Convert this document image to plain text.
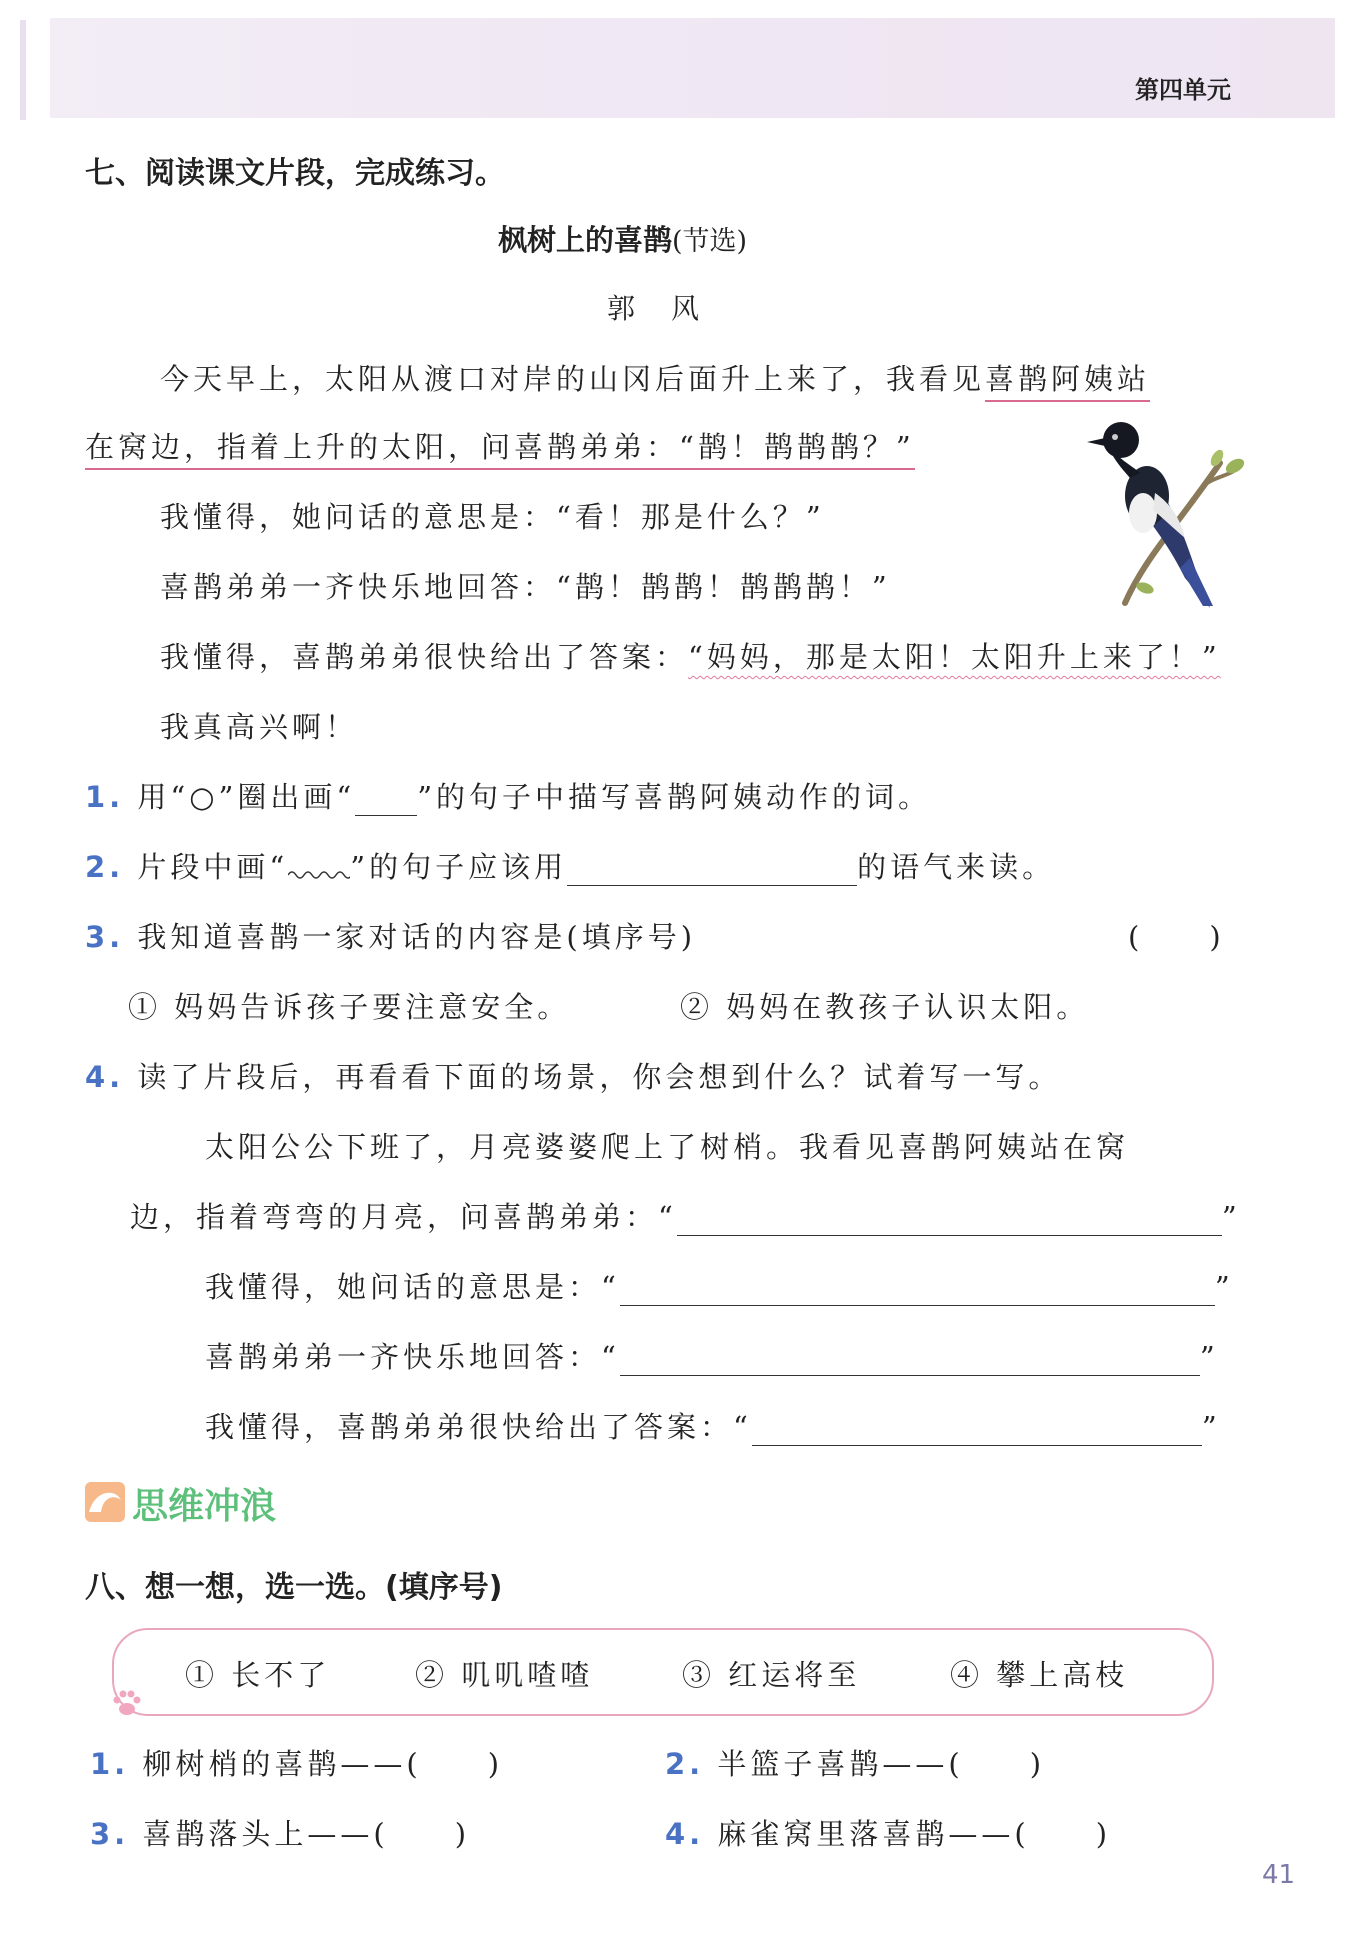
第四单元
七、阅读课文片段，完成练习。
枫树上的喜鹊(节选)
郭　风
今天早上，太阳从渡口对岸的山冈后面升上来了，我看见喜鹊阿姨站
在窝边，指着上升的太阳，问喜鹊弟弟：“鹊！鹊鹊鹊？”
我懂得，她问话的意思是：“看！那是什么？”
喜鹊弟弟一齐快乐地回答：“鹊！鹊鹊！鹊鹊鹊！”
我懂得，喜鹊弟弟很快给出了答案：“妈妈，那是太阳！太阳升上来了！”
我真高兴啊！
1. 用“○”圈出画“ ”的句子中描写喜鹊阿姨动作的词。
2. 片段中画“ ”的句子应该用	的语气来读。
3. 我知道喜鹊一家对话的内容是(填序号)	(　　)
① 妈妈告诉孩子要注意安全。	② 妈妈在教孩子认识太阳。
4. 读了片段后，再看看下面的场景，你会想到什么？试着写一写。
太阳公公下班了，月亮婆婆爬上了树梢。我看见喜鹊阿姨站在窝
边，指着弯弯的月亮，问喜鹊弟弟：“	”
我懂得，她问话的意思是：“	”
喜鹊弟弟一齐快乐地回答：“	”
我懂得，喜鹊弟弟很快给出了答案：“	”
思维冲浪
八、想一想，选一选。(填序号)
① 长不了	② 叽叽喳喳	③ 红运将至	④ 攀上高枝
1. 柳树梢的喜鹊——(　　)	2. 半篮子喜鹊——(　　)
3. 喜鹊落头上——(　　)	4. 麻雀窝里落喜鹊——(　　)
41
